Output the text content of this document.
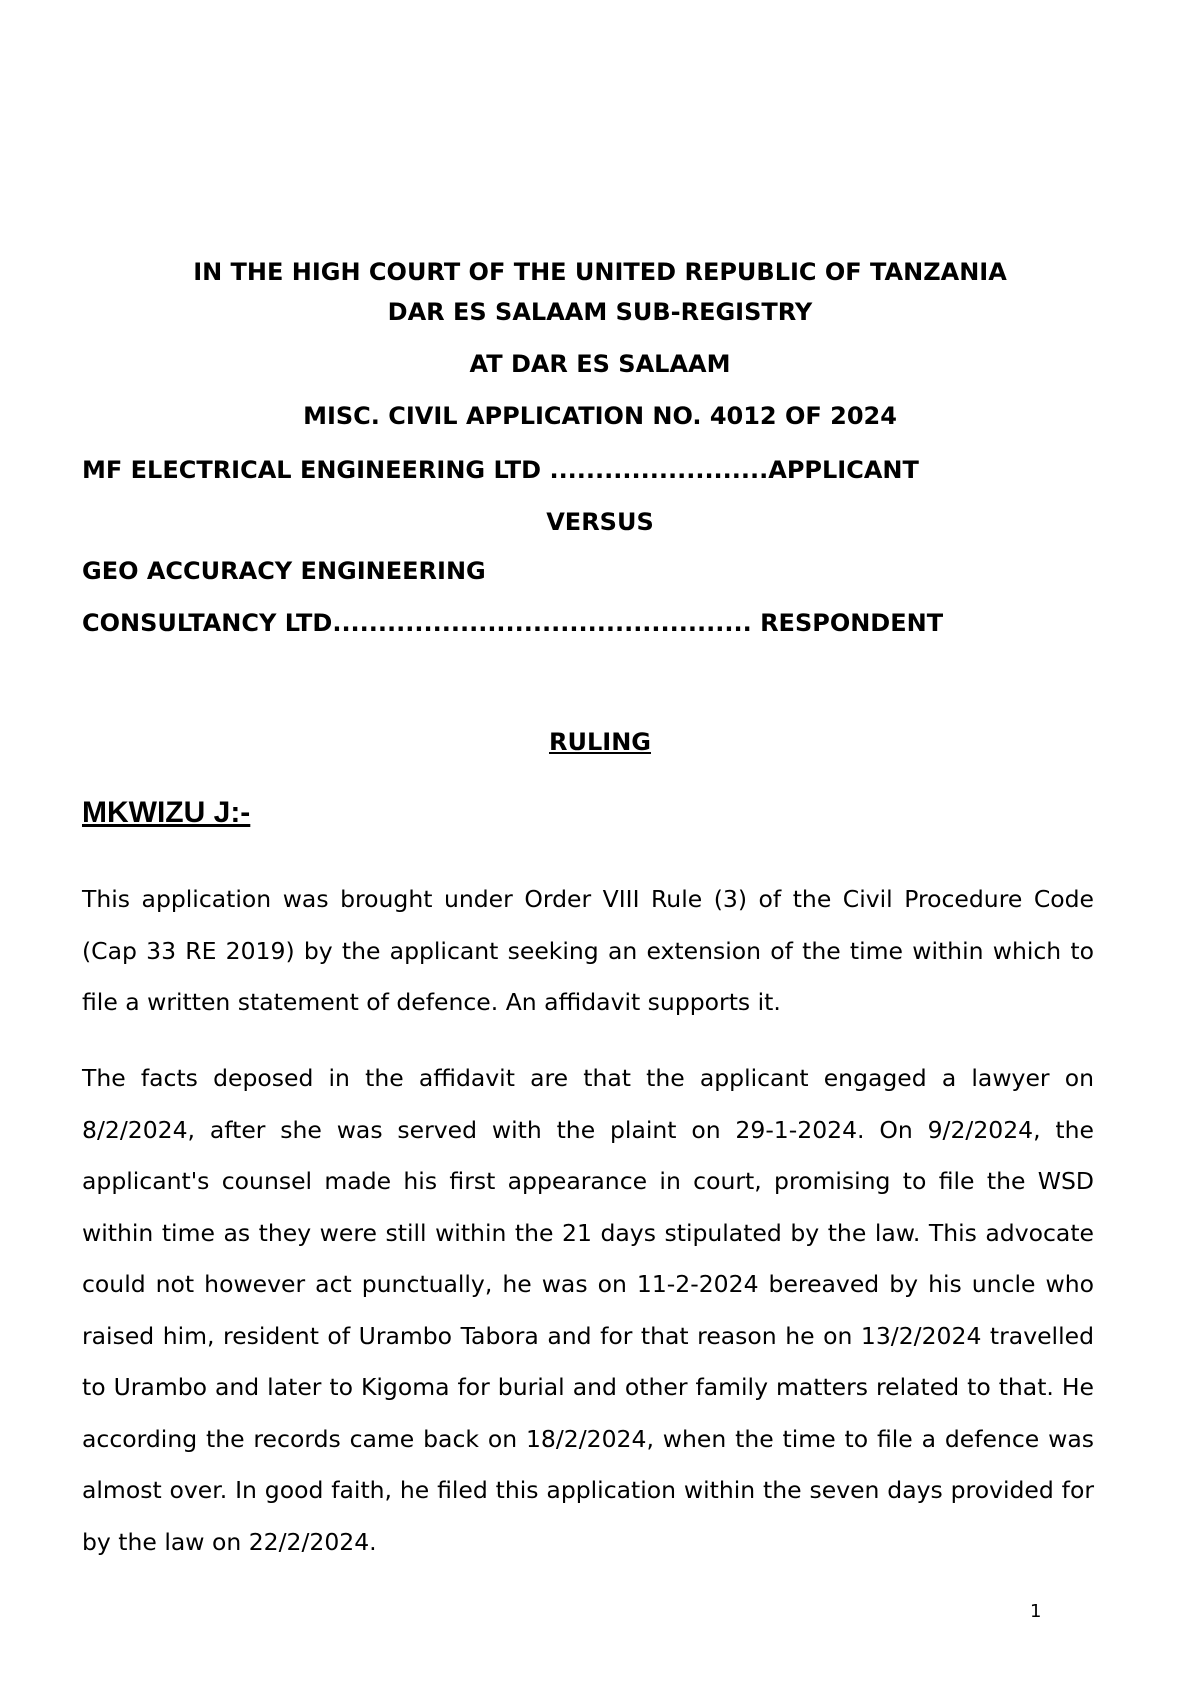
IN THE HIGH COURT OF THE UNITED REPUBLIC OF TANZANIA
DAR ES SALAAM SUB-REGISTRY
AT DAR ES SALAAM
MISC. CIVIL APPLICATION NO. 4012 OF 2024
MF ELECTRICAL ENGINEERING LTD ........................APPLICANT
VERSUS
GEO ACCURACY ENGINEERING
CONSULTANCY LTD.............................................. RESPONDENT
RULING
MKWIZU J:-

This application was brought under Order VIII Rule (3) of the Civil Procedure Code (Cap 33 RE 2019) by the applicant seeking an extension of the time within which to file a written statement of defence. An affidavit supports it.

The facts deposed in the affidavit are that the applicant engaged a lawyer on 8/2/2024, after she was served with the plaint on 29-1-2024. On 9/2/2024, the applicant's counsel made his first appearance in court, promising to file the WSD within time as they were still within the 21 days stipulated by the law. This advocate could not however act punctually, he was on 11-2-2024 bereaved by his uncle who raised him, resident of Urambo Tabora and for that reason he on 13/2/2024 travelled to Urambo and later to Kigoma for burial and other family matters related to that. He according the records came back on 18/2/2024, when the time to file a defence was almost over. In good faith, he filed this application within the seven days provided for by the law on 22/2/2024.

1
